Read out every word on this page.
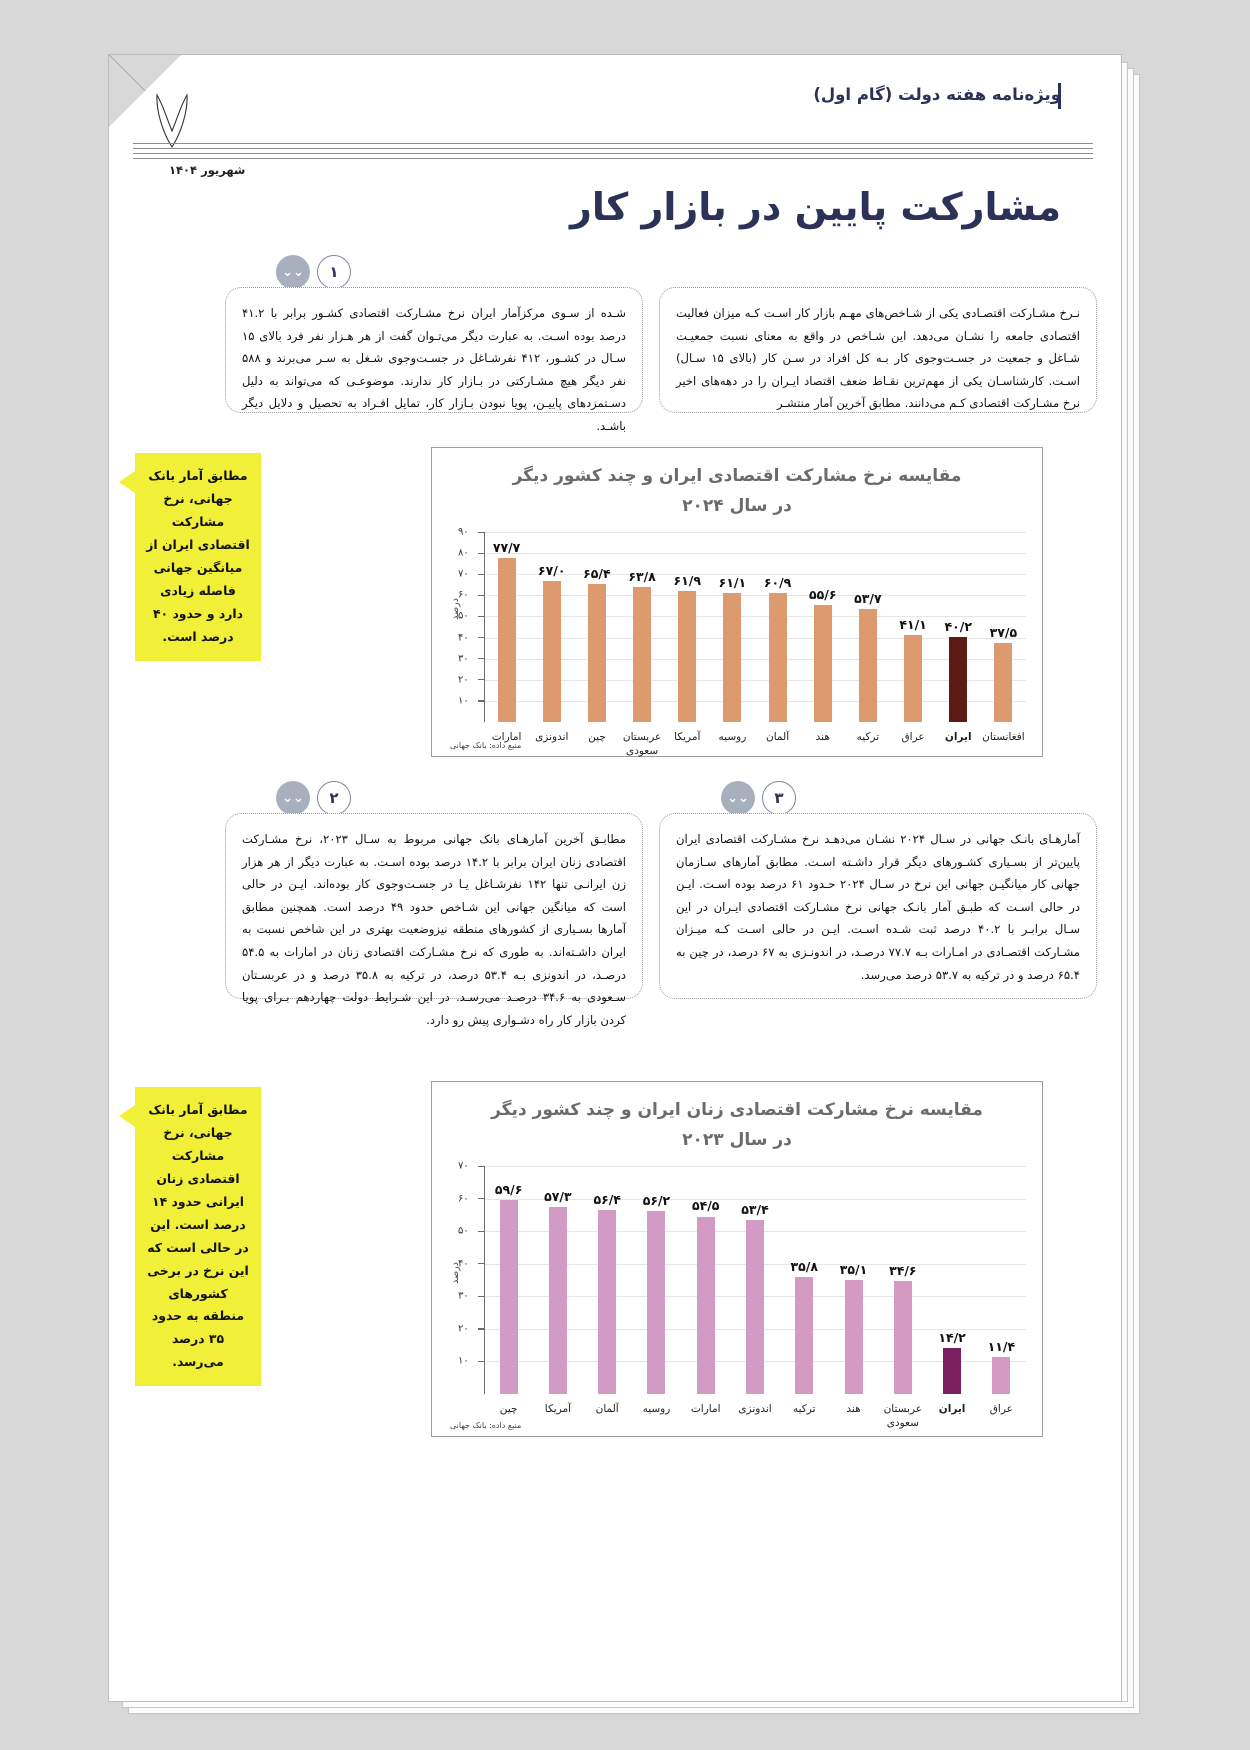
ویژه‌نامه هفته دولت (گام اول)
شهریور ۱۴۰۴
مشارکت پایین در بازار کار
۱
⌄⌄

نـرخ مشـارکت اقتصـادی یکی از شـاخص‌های مهـم بازار کار اسـت کـه میزان فعالیت اقتصادی جامعه را نشـان می‌دهد. این شـاخص در واقع به معنای نسبت جمعیـت شـاغل و جمعیت در جسـت‌وجوی کار بـه کل افراد در سـن کار (بالای ۱۵ سـال) اسـت. کارشناسـان یکی از مهم‌ترین نقـاط ضعف اقتصاد ایـران را در دهه‌های اخیر نرخ مشـارکت اقتصادی کـم می‌دانند. مطابق آخرین آمار منتشـر

شـده از سـوی مرکزآمار ایران نرخ مشـارکت اقتصادی کشـور برابر با ۴۱.۲ درصد بوده اسـت. به عبارت دیگر می‌تـوان گفت از هر هـزار نفر فرد بالای ۱۵ سـال در کشـور، ۴۱۲ نفرشـاغل در جسـت‌وجوی شـغل به سـر می‌برند و ۵۸۸ نفر دیگر هیچ مشـارکتی در بـازار کار ندارند. موضوعـی که می‌تواند به دلیل دسـتمزدهای پاییـن، پویا نبودن بـازار کار، تمایل افـراد به تحصیل و دلایل دیگر باشـد.

مطابق آمار بانک جهانی، نرخ مشارکت اقتصادی ایران از میانگین جهانی فاصله زیادی دارد و حدود ۴۰ درصد است.
مقایسه نرخ مشارکت اقتصادی ایران و چند کشور دیگر
در سال ۲۰۲۴
۹۰
۸۰
۷۰
۶۰
۵۰
۴۰
۳۰
۲۰
۱۰
۷۷/۷
امارات
۶۷/۰
اندونزی
۶۵/۴
چین
۶۳/۸
عربستان سعودی
۶۱/۹
آمریکا
۶۱/۱
روسیه
۶۰/۹
آلمان
۵۵/۶
هند
۵۳/۷
ترکیه
۴۱/۱
عراق
۴۰/۲
ایران
۳۷/۵
افغانستان
درصد
منبع داده: بانک جهانی
۲
⌄⌄	۳
⌄⌄

آمارهـای بانـک جهانی در سـال ۲۰۲۴ نشـان می‌دهـد نرخ مشـارکت اقتصادی ایران پایین‌تر از بسـیاری کشـورهای دیگر قرار داشـته اسـت. مطابق آمارهای سـازمان جهانی کار میانگیـن جهانی این نرخ در سـال ۲۰۲۴ حـدود ۶۱ درصد بوده اسـت. ایـن در حالی اسـت که طبـق آمار بانـک جهانی نرخ مشـارکت اقتصادی ایـران در این سـال برابـر با ۴۰.۲ درصد ثبت شـده اسـت. ایـن در حالی اسـت کـه میـزان مشـارکت اقتصـادی در امـارات بـه ۷۷.۷ درصـد، در اندونـزی به ۶۷ درصد، در چین به ۶۵.۴ درصد و در ترکیه به ۵۳.۷ درصد می‌رسد.

مطابـق آخرین آمارهـای بانک جهانی مربوط به سـال ۲۰۲۳، نرخ مشـارکت اقتصادی زنان ایران برابر با ۱۴.۲ درصد بوده اسـت. به عبارت دیگر از هر هزار زن ایرانـی تنها ۱۴۲ نفرشـاغل یـا در جسـت‌وجوی کار بوده‌اند. ایـن در حالی است که میانگین جهانی این شـاخص حدود ۴۹ درصد است. همچنین مطابق آمارها بسـیاری از کشورهای منطقه نیزوضعیت بهتری در این شاخص نسبت به ایران داشـته‌اند. به طوری که نرخ مشـارکت اقتصادی زنان در امارات به ۵۴.۵ درصـد، در اندونزی بـه ۵۳.۴ درصد، در ترکیه به ۳۵.۸ درصد و در عربسـتان سـعودی به ۳۴.۶ درصـد می‌رسـد. در این شـرایط دولت چهاردهم بـرای پویا کردن بازار کار راه دشـواری پیش رو دارد.

مطابق آمار بانک جهانی، نرخ مشارکت اقتصادی زنان ایرانی حدود ۱۴ درصد است. این در حالی است که این نرخ در برخی کشورهای منطقه به حدود ۳۵ درصد می‌رسد.
مقایسه نرخ مشارکت اقتصادی زنان ایران و چند کشور دیگر
در سال ۲۰۲۳
۷۰
۶۰
۵۰
۴۰
۳۰
۲۰
۱۰
۵۹/۶
چین
۵۷/۳
آمریکا
۵۶/۴
آلمان
۵۶/۲
روسیه
۵۴/۵
امارات
۵۳/۴
اندونزی
۳۵/۸
ترکیه
۳۵/۱
هند
۳۴/۶
عربستان سعودی
۱۴/۲
ایران
۱۱/۴
عراق
درصد
منبع داده: بانک جهانی
